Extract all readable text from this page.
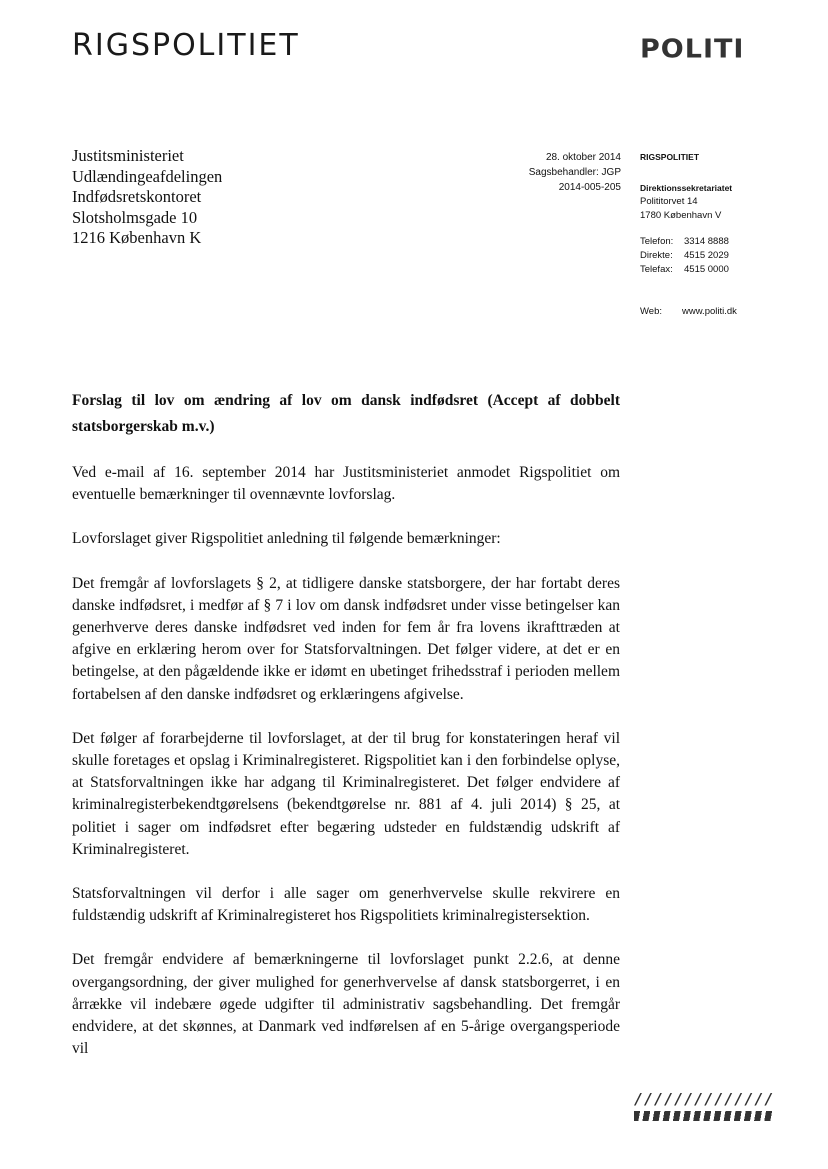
RIGSPOLITIET	POLITI
Justitsministeriet
Udlændingeafdelingen
Indfødsretskontoret
Slotsholmsgade 10
1216 København K
28. oktober 2014
Sagsbehandler: JGP
2014-005-205
RIGSPOLITIET
Direktionssekretariatet
Polititorvet 14
1780 København V
Telefon:	3314 8888
Direkte:	4515 2029
Telefax:	4515 0000
Web:	www.politi.dk
Forslag til lov om ændring af lov om dansk indfødsret (Accept af dobbelt statsborgerskab m.v.)

Ved e-mail af 16. september 2014 har Justitsministeriet anmodet Rigspolitiet om eventuelle bemærkninger til ovennævnte lovforslag.

Lovforslaget giver Rigspolitiet anledning til følgende bemærkninger:

Det fremgår af lovforslagets § 2, at tidligere danske statsborgere, der har fortabt deres danske indfødsret, i medfør af § 7 i lov om dansk indfødsret under visse betingelser kan generhverve deres danske indfødsret ved inden for fem år fra lovens ikrafttræden at afgive en erklæring herom over for Statsforvaltningen. Det følger videre, at det er en betingelse, at den pågældende ikke er idømt en ubetinget frihedsstraf i perioden mellem fortabelsen af den danske indfødsret og erklæringens afgivelse.

Det følger af forarbejderne til lovforslaget, at der til brug for konstateringen heraf vil skulle foretages et opslag i Kriminalregisteret. Rigspolitiet kan i den forbindelse oplyse, at Statsforvaltningen ikke har adgang til Kriminalregisteret. Det følger endvidere af kriminalregisterbekendtgørelsens (bekendtgørelse nr. 881 af 4. juli 2014) § 25, at politiet i sager om indfødsret efter begæring udsteder en fuldstændig udskrift af Kriminalregisteret.

Statsforvaltningen vil derfor i alle sager om generhvervelse skulle rekvirere en fuldstændig udskrift af Kriminalregisteret hos Rigspolitiets kriminalregistersektion.

Det fremgår endvidere af bemærkningerne til lovforslaget punkt 2.2.6, at denne overgangsordning, der giver mulighed for generhvervelse af dansk statsborgerret, i en årrække vil indebære øgede udgifter til administrativ sagsbehandling. Det fremgår endvidere, at det skønnes, at Danmark ved indførelsen af en 5-årige overgangsperiode vil

//////////////
